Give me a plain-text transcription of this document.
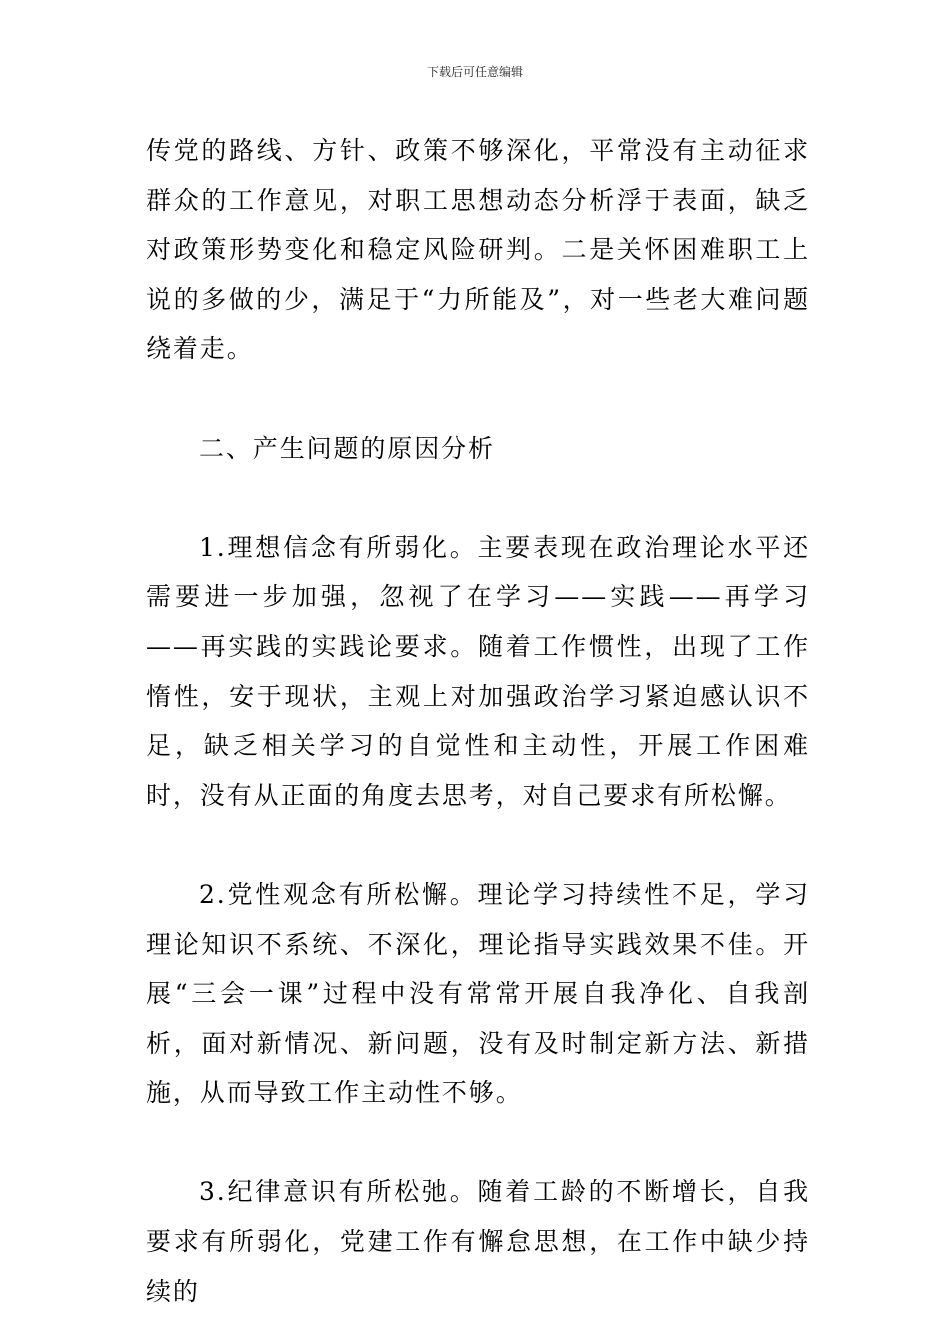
下载后可任意编辑

传党的路线、方针、政策不够深化，平常没有主动征求群众的工作意见，对职工思想动态分析浮于表面，缺乏对政策形势变化和稳定风险研判。二是关怀困难职工上说的多做的少，满足于“力所能及”，对一些老大难问题绕着走。

二、产生问题的原因分析

1.理想信念有所弱化。主要表现在政治理论水平还需要进一步加强，忽视了在学习——实践——再学习——再实践的实践论要求。随着工作惯性，出现了工作惰性，安于现状，主观上对加强政治学习紧迫感认识不足，缺乏相关学习的自觉性和主动性，开展工作困难时，没有从正面的角度去思考，对自己要求有所松懈。

2.党性观念有所松懈。理论学习持续性不足，学习理论知识不系统、不深化，理论指导实践效果不佳。开展“三会一课”过程中没有常常开展自我净化、自我剖析，面对新情况、新问题，没有及时制定新方法、新措施，从而导致工作主动性不够。

3.纪律意识有所松弛。随着工龄的不断增长，自我要求有所弱化，党建工作有懈怠思想，在工作中缺少持续的
